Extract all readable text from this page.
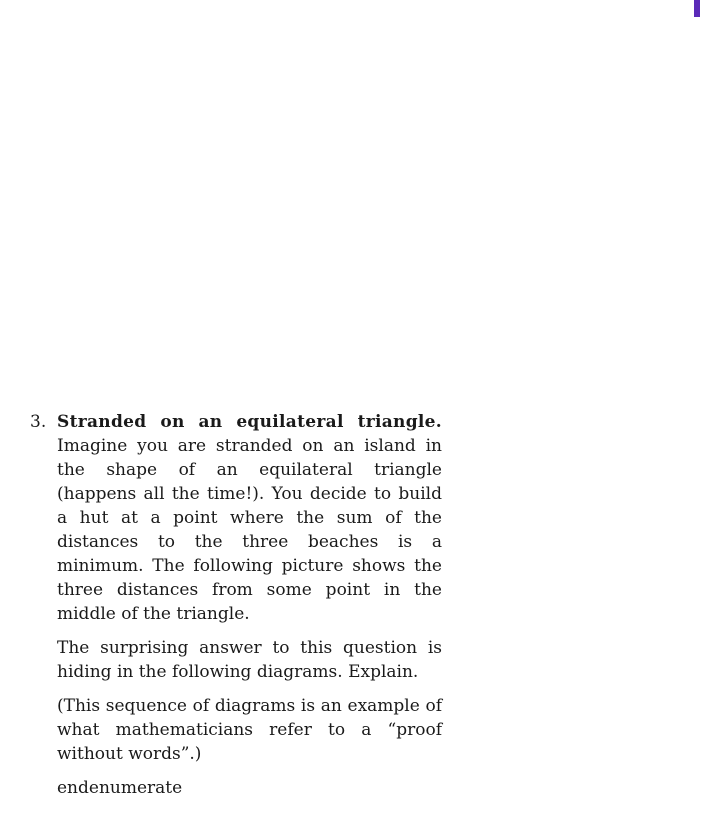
3. Stranded on an equilateral triangle. Imagine you are stranded on an island in the shape of an equilateral triangle (happens all the time!). You decide to build a hut at a point where the sum of the distances to the three beaches is a minimum. The following picture shows the three distances from some point in the middle of the triangle.

The surprising answer to this question is hiding in the following diagrams. Explain.

(This sequence of diagrams is an example of what mathematicians refer to a “proof without words”.)

endenumerate
